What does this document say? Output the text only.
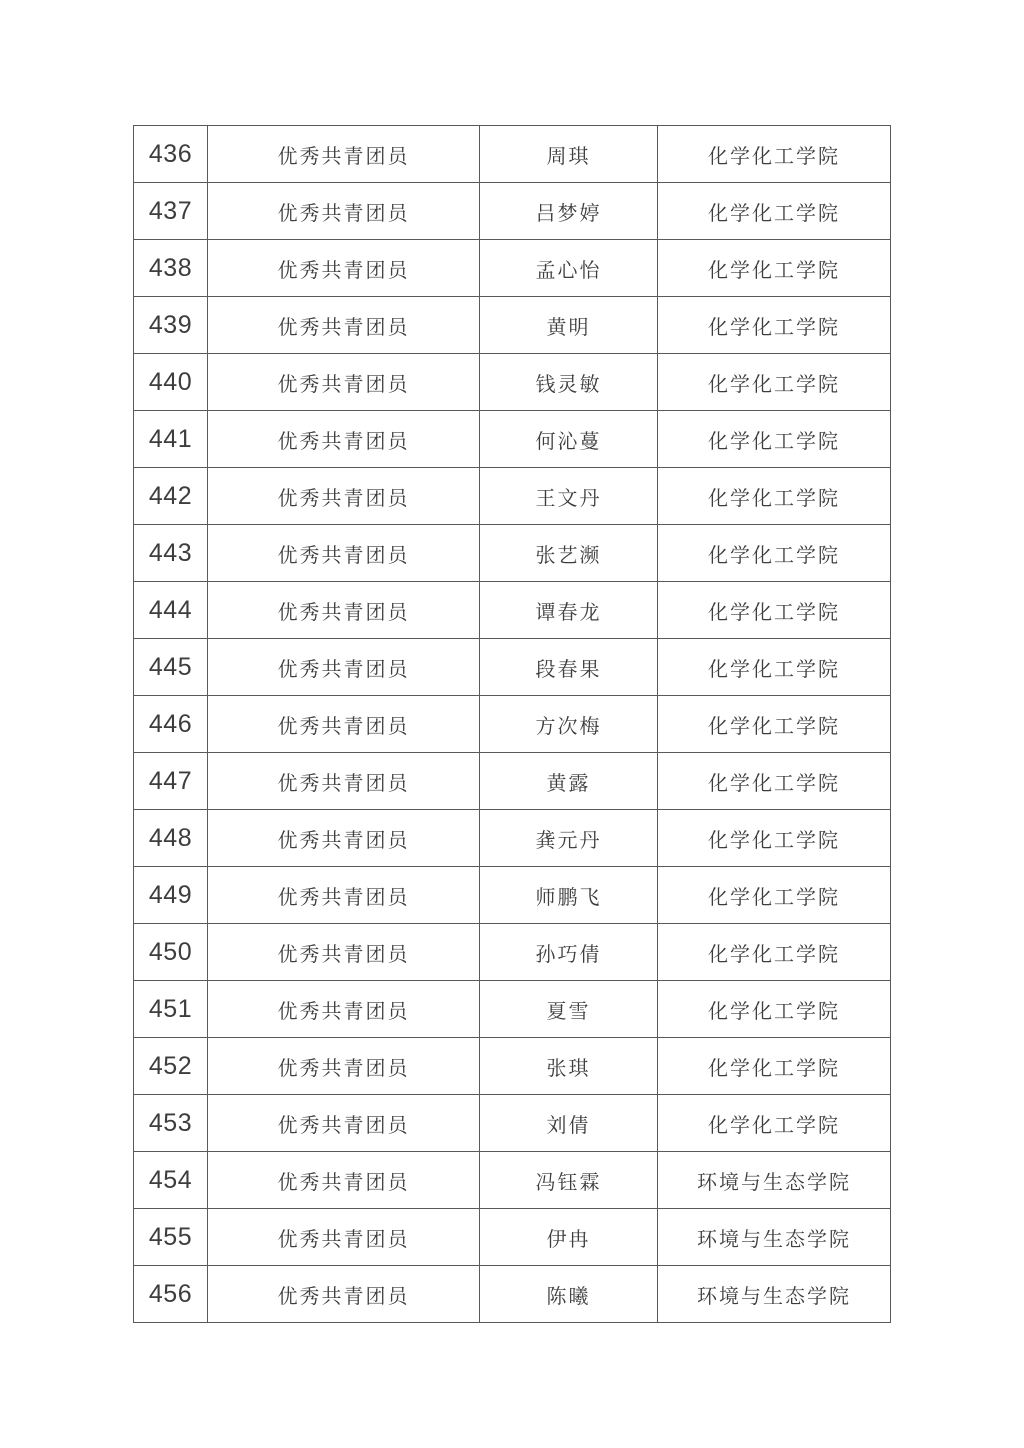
436	优秀共青团员	周琪	化学化工学院
437	优秀共青团员	吕梦婷	化学化工学院
438	优秀共青团员	孟心怡	化学化工学院
439	优秀共青团员	黄明	化学化工学院
440	优秀共青团员	钱灵敏	化学化工学院
441	优秀共青团员	何沁蔓	化学化工学院
442	优秀共青团员	王文丹	化学化工学院
443	优秀共青团员	张艺濒	化学化工学院
444	优秀共青团员	谭春龙	化学化工学院
445	优秀共青团员	段春果	化学化工学院
446	优秀共青团员	方次梅	化学化工学院
447	优秀共青团员	黄露	化学化工学院
448	优秀共青团员	龚元丹	化学化工学院
449	优秀共青团员	师鹏飞	化学化工学院
450	优秀共青团员	孙巧倩	化学化工学院
451	优秀共青团员	夏雪	化学化工学院
452	优秀共青团员	张琪	化学化工学院
453	优秀共青团员	刘倩	化学化工学院
454	优秀共青团员	冯钰霖	环境与生态学院
455	优秀共青团员	伊冉	环境与生态学院
456	优秀共青团员	陈曦	环境与生态学院
